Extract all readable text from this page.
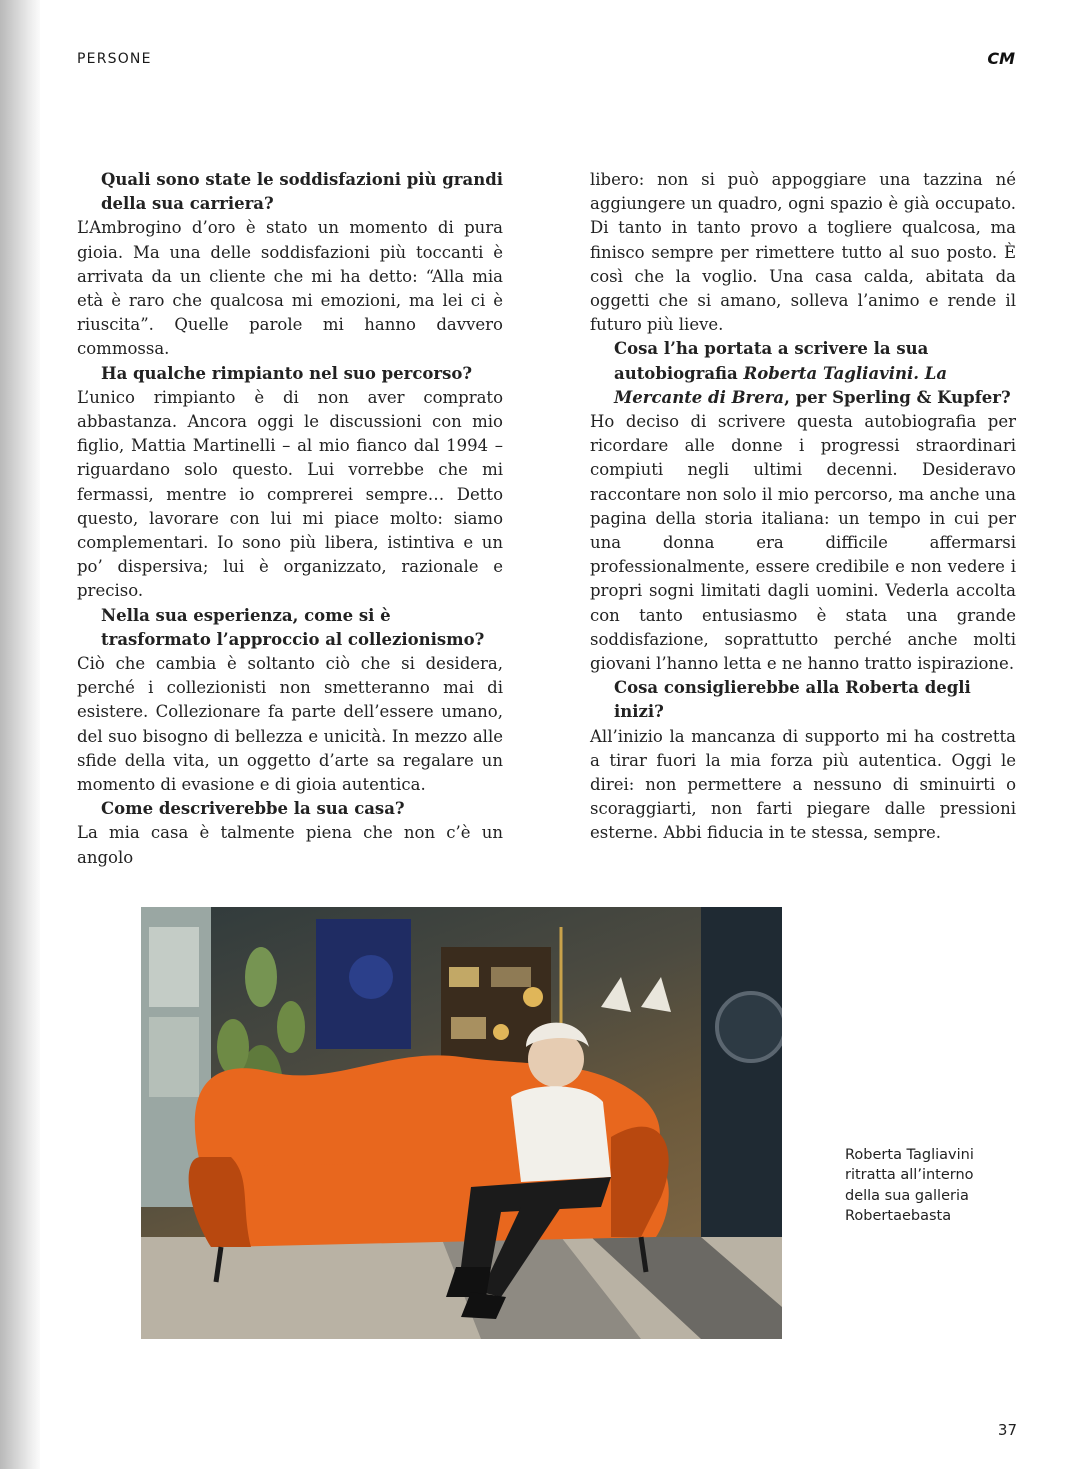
PERSONE	CM

Quali sono state le soddisfazioni più grandi della sua carriera?

L’Ambrogino d’oro è stato un momento di pura gioia. Ma una delle soddisfazioni più toccanti è arrivata da un cliente che mi ha detto: “Alla mia età è raro che qualcosa mi emozioni, ma lei ci è riuscita”. Quelle parole mi hanno davvero commossa.

Ha qualche rimpianto nel suo percorso?

L’unico rimpianto è di non aver comprato abbastanza. Ancora oggi le discussioni con mio figlio, Mattia Martinelli – al mio fianco dal 1994 – riguardano solo questo. Lui vorrebbe che mi fermassi, mentre io comprerei sempre… Detto questo, lavorare con lui mi piace molto: siamo complementari. Io sono più libera, istintiva e un po’ dispersiva; lui è organizzato, razionale e preciso.

Nella sua esperienza, come si è trasformato l’approccio al collezionismo?

Ciò che cambia è soltanto ciò che si desidera, perché i collezionisti non smetteranno mai di esistere. Collezionare fa parte dell’essere umano, del suo bisogno di bellezza e unicità. In mezzo alle sfide della vita, un oggetto d’arte sa regalare un momento di evasione e di gioia autentica.

Come descriverebbe la sua casa?

La mia casa è talmente piena che non c’è un angolo

libero: non si può appoggiare una tazzina né aggiungere un quadro, ogni spazio è già occupato. Di tanto in tanto provo a togliere qualcosa, ma finisco sempre per rimettere tutto al suo posto. È così che la voglio. Una casa calda, abitata da oggetti che si amano, solleva l’animo e rende il futuro più lieve.

Cosa l’ha portata a scrivere la sua autobiografia Roberta Tagliavini. La Mercante di Brera, per Sperling & Kupfer?

Ho deciso di scrivere questa autobiografia per ricordare alle donne i progressi straordinari compiuti negli ultimi decenni. Desideravo raccontare non solo il mio percorso, ma anche una pagina della storia italiana: un tempo in cui per una donna era difficile affermarsi professionalmente, essere credibile e non vedere i propri sogni limitati dagli uomini. Vederla accolta con tanto entusiasmo è stata una grande soddisfazione, soprattutto perché anche molti giovani l’hanno letta e ne hanno tratto ispirazione.

Cosa consiglierebbe alla Roberta degli inizi?

All’inizio la mancanza di supporto mi ha costretta a tirar fuori la mia forza più autentica. Oggi le direi: non permettere a nessuno di sminuirti o scoraggiarti, non farti piegare dalle pressioni esterne. Abbi fiducia in te stessa, sempre.

Roberta Tagliavini
ritratta all’interno
della sua galleria
Robertaebasta
37
